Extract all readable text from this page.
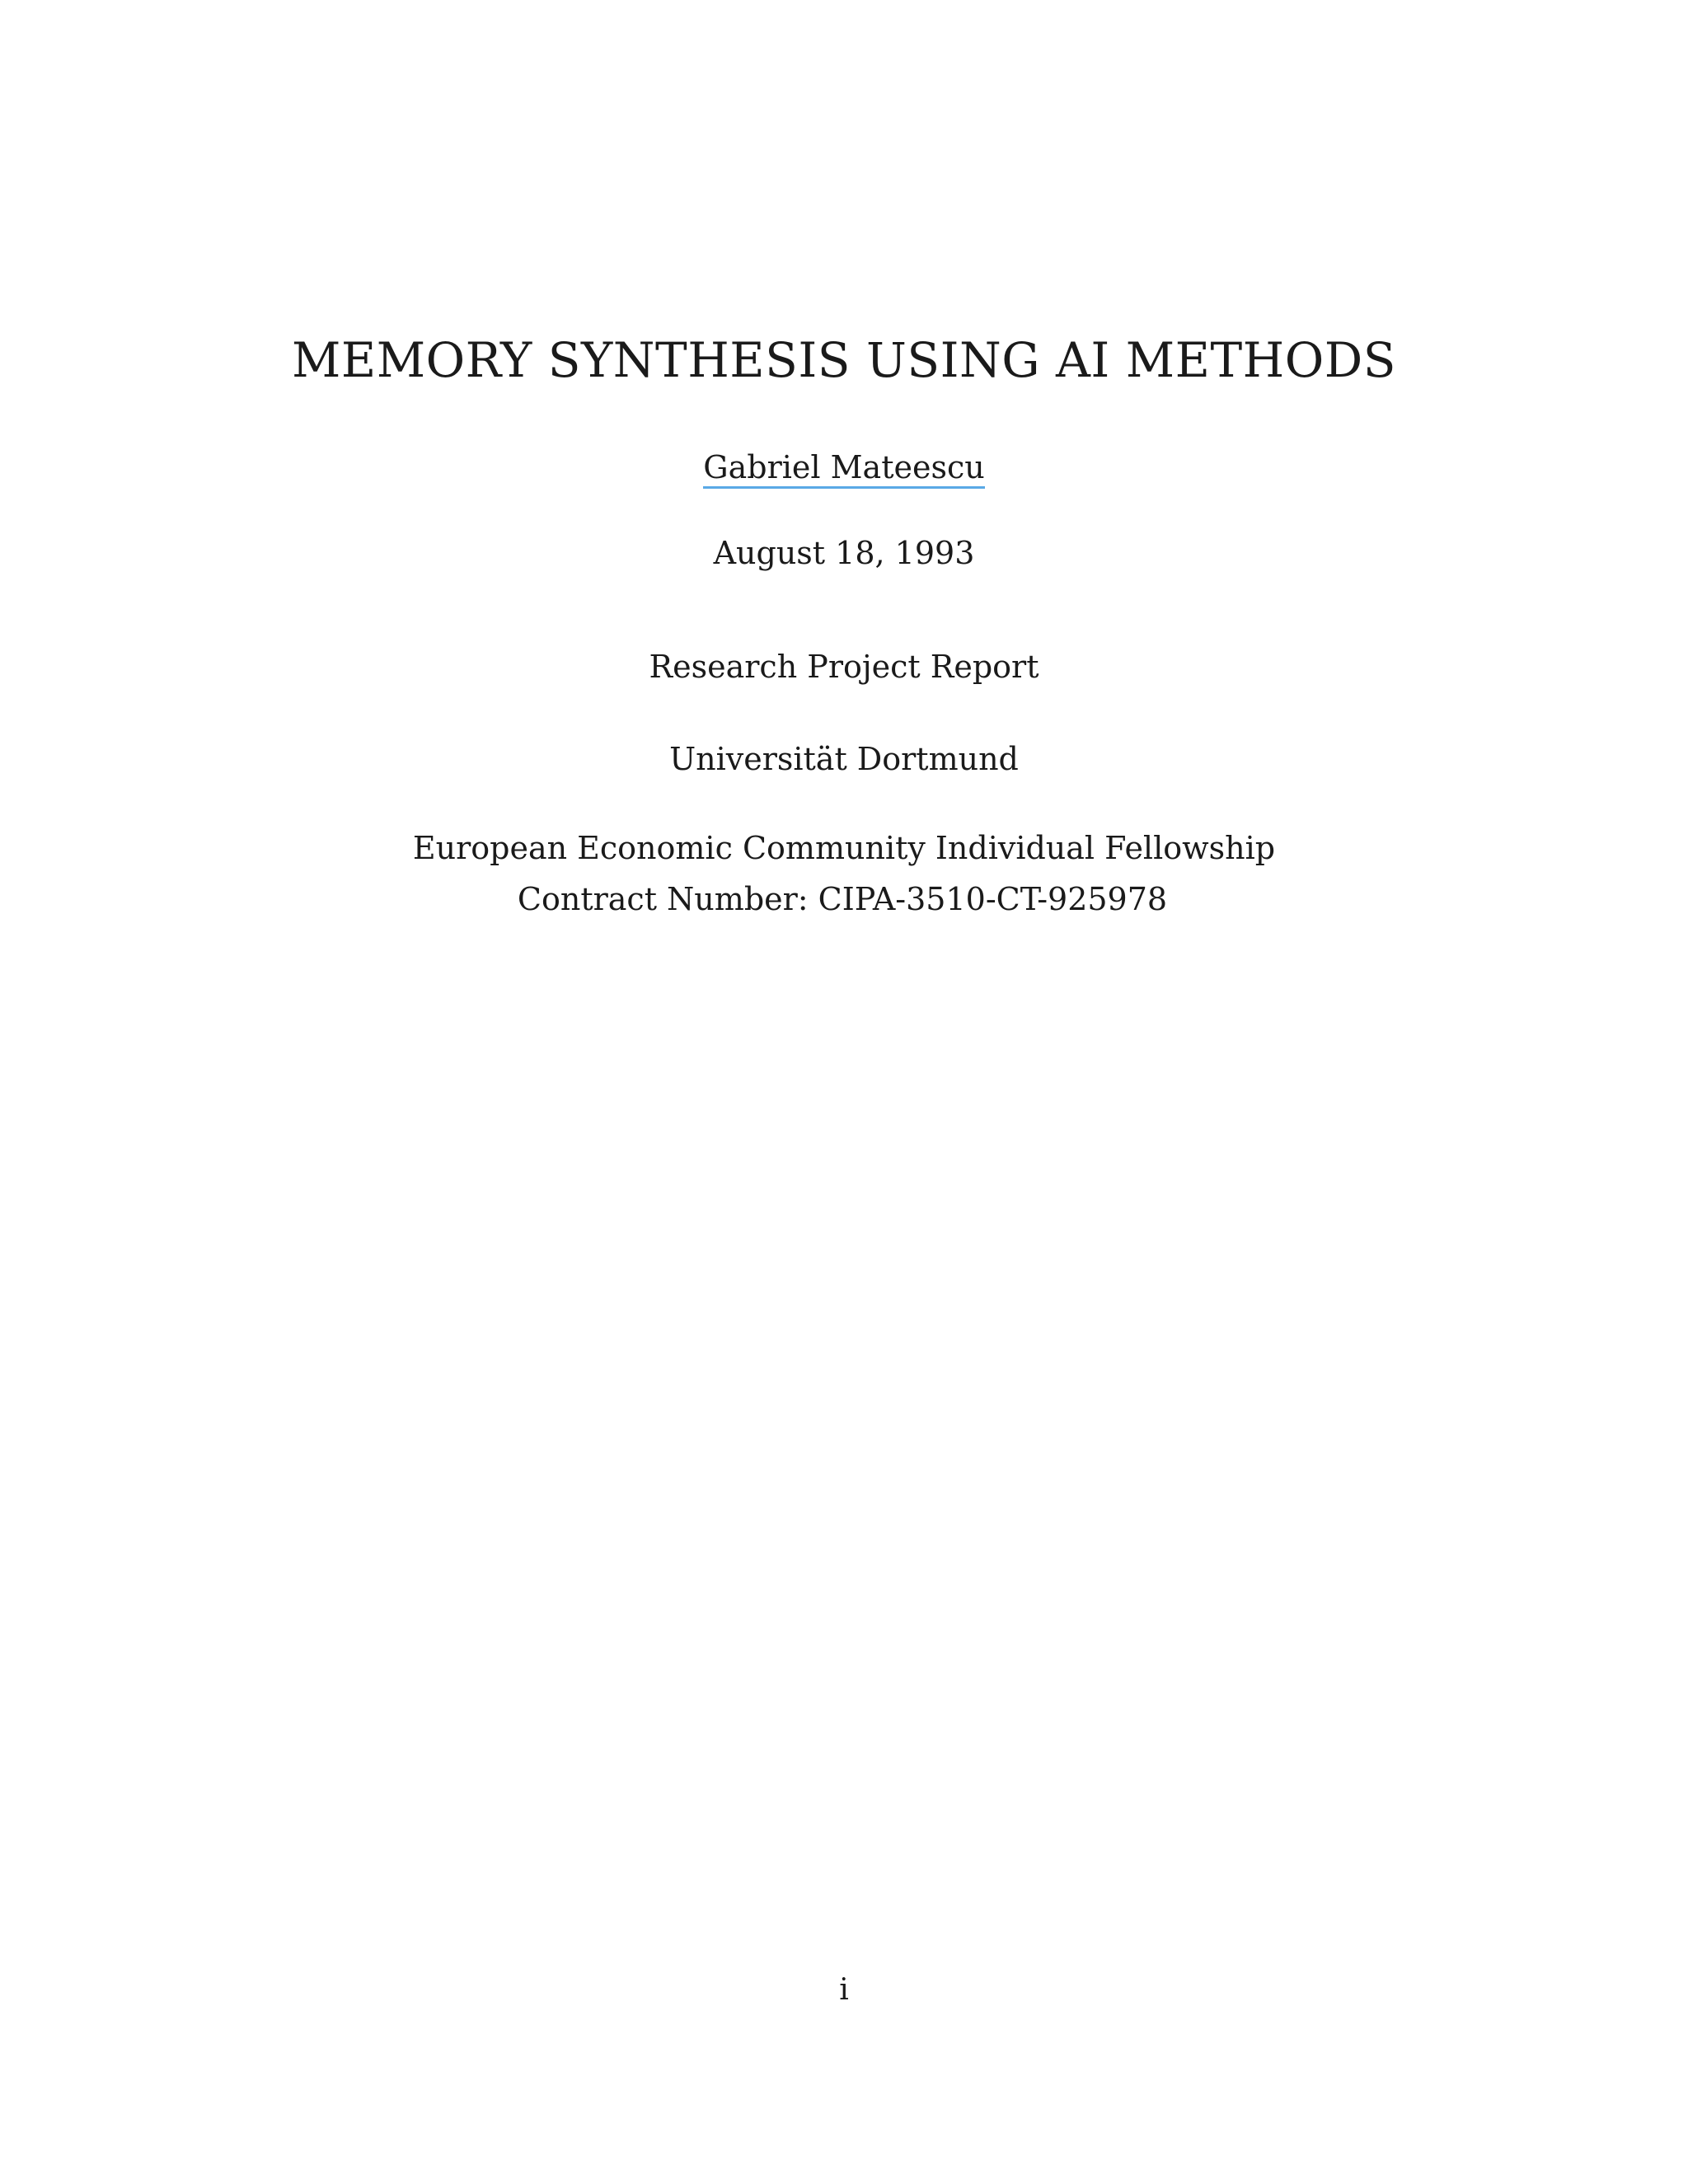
MEMORY SYNTHESIS USING AI METHODS
Gabriel Mateescu
August 18, 1993
Research Project Report
Universität Dortmund
European Economic Community Individual Fellowship
Contract Number: CIPA-3510-CT-925978
i
